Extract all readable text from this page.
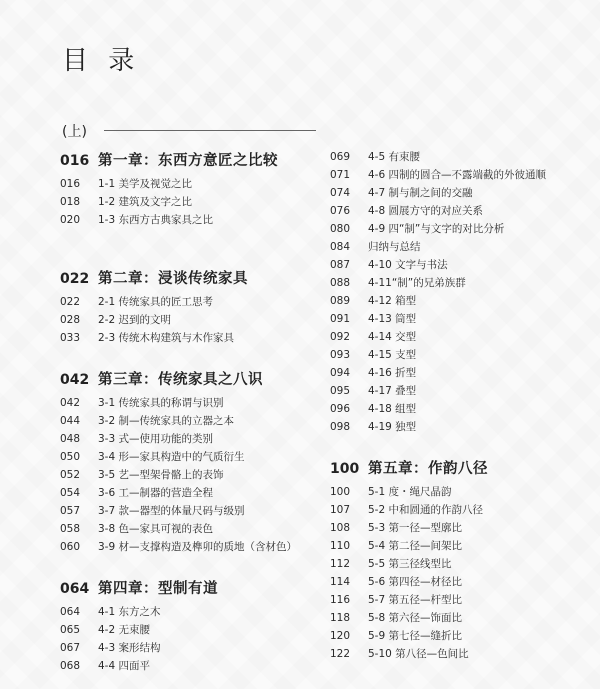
目 录
(上)
016 第一章：东西方意匠之比较
016	1-1 美学及视觉之比
018	1-2 建筑及文字之比
020	1-3 东西方古典家具之比
022 第二章：浸谈传统家具
022	2-1 传统家具的匠工思考
028	2-2 迟到的文明
033	2-3 传统木构建筑与木作家具
042 第三章：传统家具之八识
042	3-1 传统家具的称谓与识别
044	3-2 制—传统家具的立器之本
048	3-3 式—使用功能的类别
050	3-4 形—家具构造中的气质衍生
052	3-5 艺—型架骨骼上的表饰
054	3-6 工—制器的营造全程
057	3-7 款—器型的体量尺码与级别
058	3-8 色—家具可视的表色
060	3-9 材—支撑构造及榫卯的质地（含材色）
064 第四章：型制有道
064	4-1 东方之木
065	4-2 无束腰
067	4-3 案形结构
068	4-4 四面平
069	4-5 有束腰
071	4-6 四制的圆合—不露端截的外彼通顺
074	4-7 制与制之间的交融
076	4-8 圆展方守的对应关系
080	4-9 四“制”与文字的对比分析
084	归纳与总结
087	4-10 文字与书法
088	4-11“制”的兄弟族群
089	4-12 箱型
091	4-13 筒型
092	4-14 交型
093	4-15 支型
094	4-16 折型
095	4-17 叠型
096	4-18 组型
098	4-19 独型
100 第五章：作韵八径
100	5-1 度・绳尺晶韵
107	5-2 中和圆通的作韵八径
108	5-3 第一径—型廓比
110	5-4 第二径—间架比
112	5-5 第三径线型比
114	5-6 第四径—材径比
116	5-7 第五径—杆型比
118	5-8 第六径—饰面比
120	5-9 第七径—缝折比
122	5-10 第八径—色间比
